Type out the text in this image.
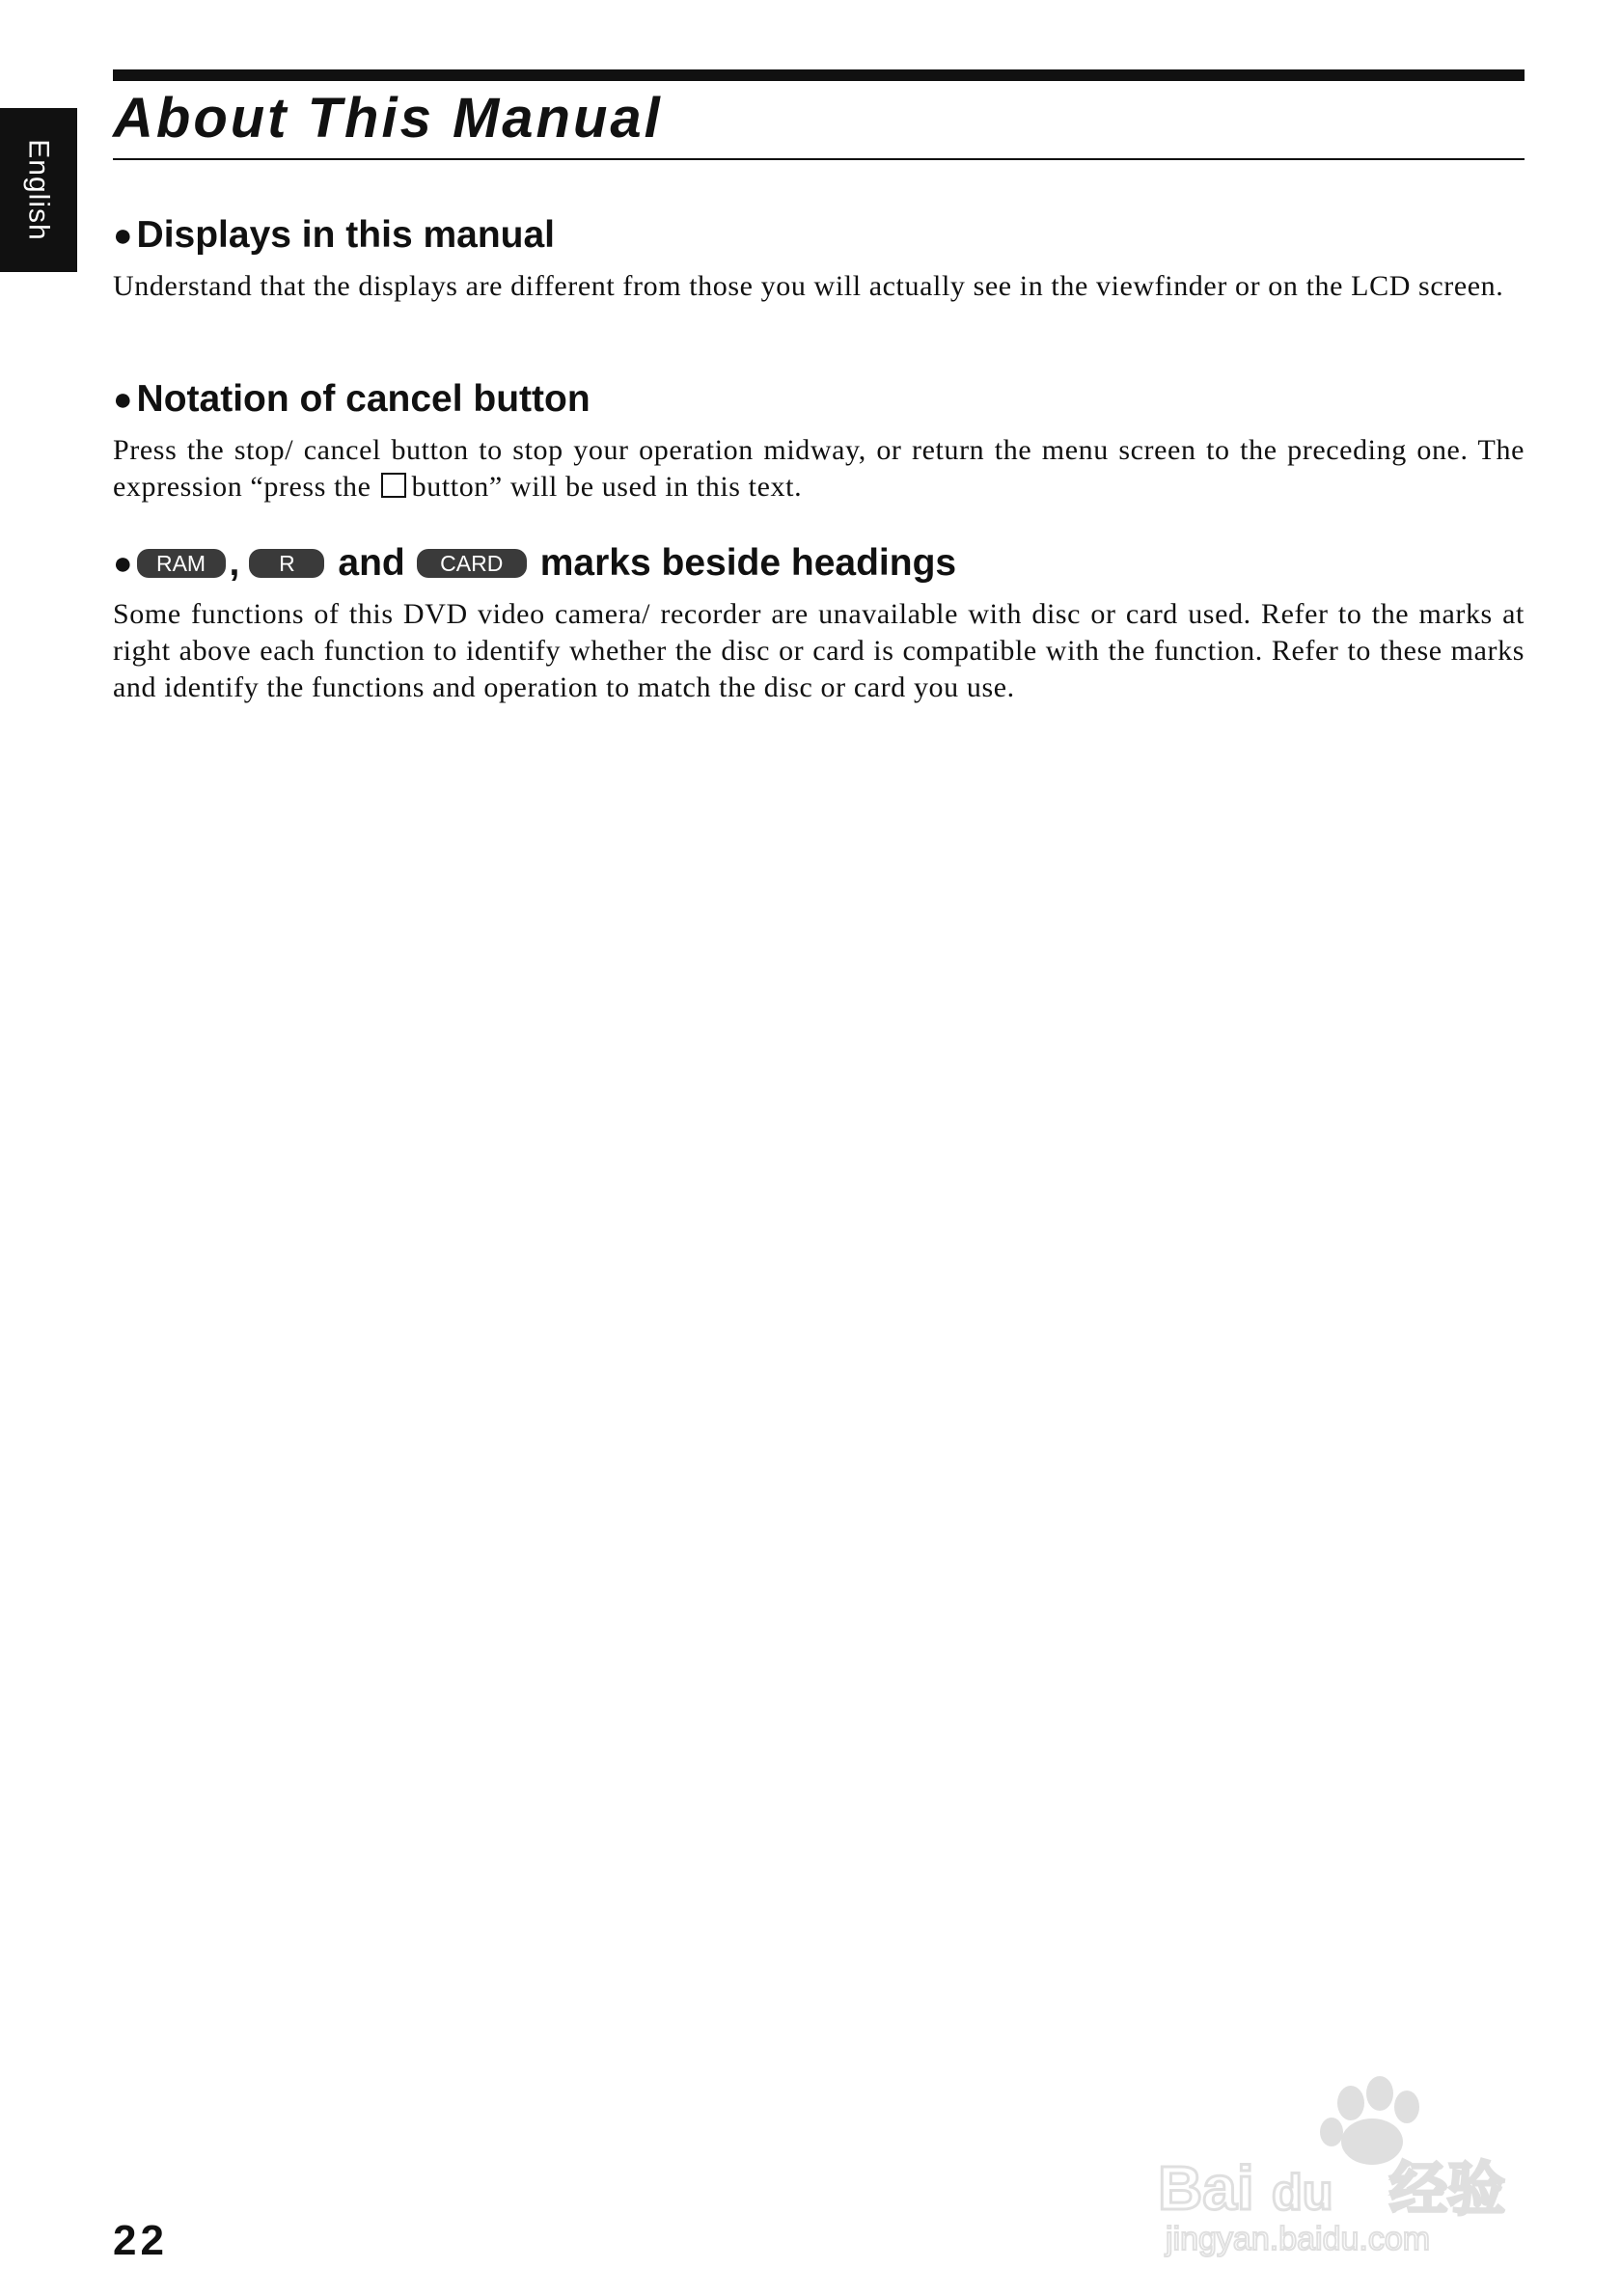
English
About This Manual
● Displays in this manual

Understand that the displays are different from those you will actually see in the viewfinder or on the LCD screen.

● Notation of cancel button

Press the stop/ cancel button to stop your operation midway, or return the menu screen to the preceding one. The expression “press the button” will be used in this text.

●	RAM ,	R	and	CARD marks beside headings

Some functions of this DVD video camera/ recorder are unavailable with disc or card used. Refer to the marks at right above each function to identify whether the disc or card is compatible with the function. Refer to these marks and identify the functions and operation to match the disc or card you use.

22
Bai du 经验
jingyan.baidu.com
